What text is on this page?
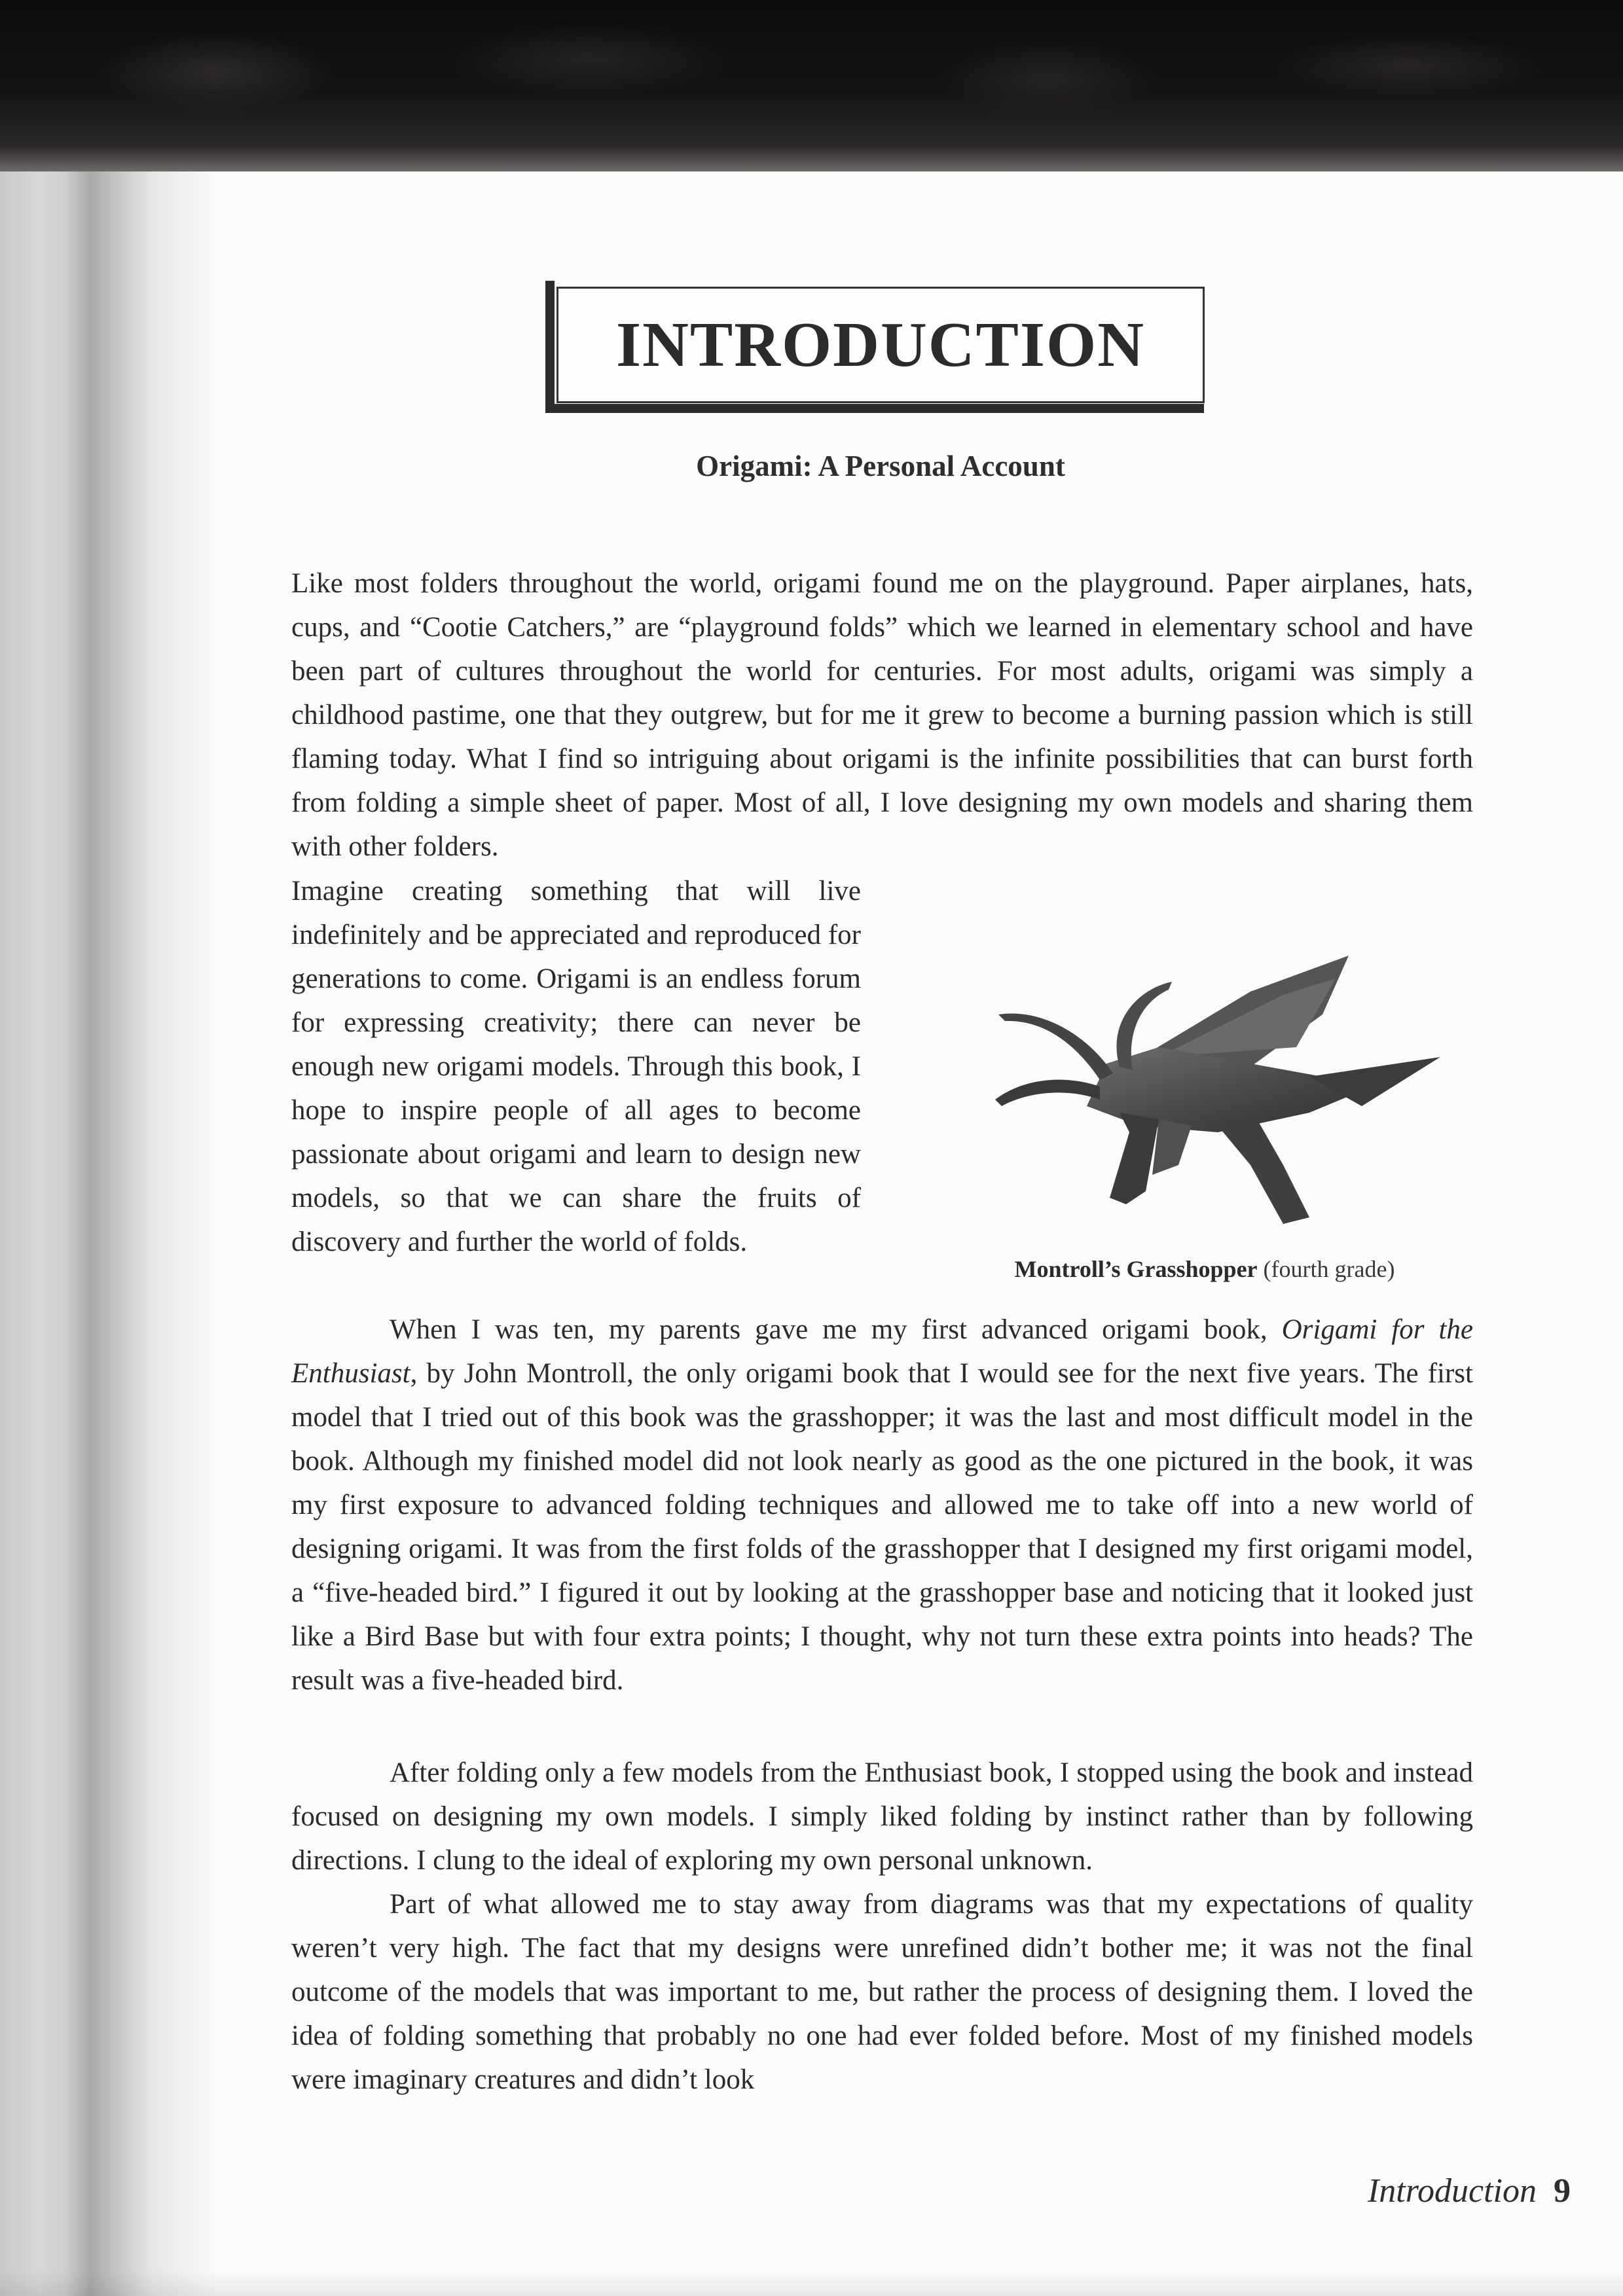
INTRODUCTION
Origami: A Personal Account

Like most folders throughout the world, origami found me on the playground. Paper airplanes, hats, cups, and “Cootie Catchers,” are “playground folds” which we learned in elementary school and have been part of cultures throughout the world for centuries. For most adults, origami was simply a childhood pastime, one that they outgrew, but for me it grew to become a burning passion which is still flaming today. What I find so intriguing about origami is the infinite possibilities that can burst forth from folding a simple sheet of paper. Most of all, I love designing my own models and sharing them with other folders.

Imagine creating something that will live indefinitely and be appreciated and reproduced for generations to come. Origami is an endless forum for expressing creativity; there can never be enough new origami models. Through this book, I hope to inspire people of all ages to become passionate about origami and learn to design new models, so that we can share the fruits of discovery and further the world of folds.

Montroll’s Grasshopper (fourth grade)

When I was ten, my parents gave me my first advanced origami book, Origami for the Enthusiast, by John Montroll, the only origami book that I would see for the next five years. The first model that I tried out of this book was the grasshopper; it was the last and most difficult model in the book. Although my finished model did not look nearly as good as the one pictured in the book, it was my first exposure to advanced folding techniques and allowed me to take off into a new world of designing origami. It was from the first folds of the grasshopper that I designed my first origami model, a “five-headed bird.” I figured it out by looking at the grasshopper base and noticing that it looked just like a Bird Base but with four extra points; I thought, why not turn these extra points into heads? The result was a five-headed bird.

After folding only a few models from the Enthusiast book, I stopped using the book and instead focused on designing my own models. I simply liked folding by instinct rather than by following directions. I clung to the ideal of exploring my own personal unknown.

Part of what allowed me to stay away from diagrams was that my expectations of quality weren’t very high. The fact that my designs were unrefined didn’t bother me; it was not the final outcome of the models that was important to me, but rather the process of designing them. I loved the idea of folding something that probably no one had ever folded before. Most of my finished models were imaginary creatures and didn’t look

Introduction 9
